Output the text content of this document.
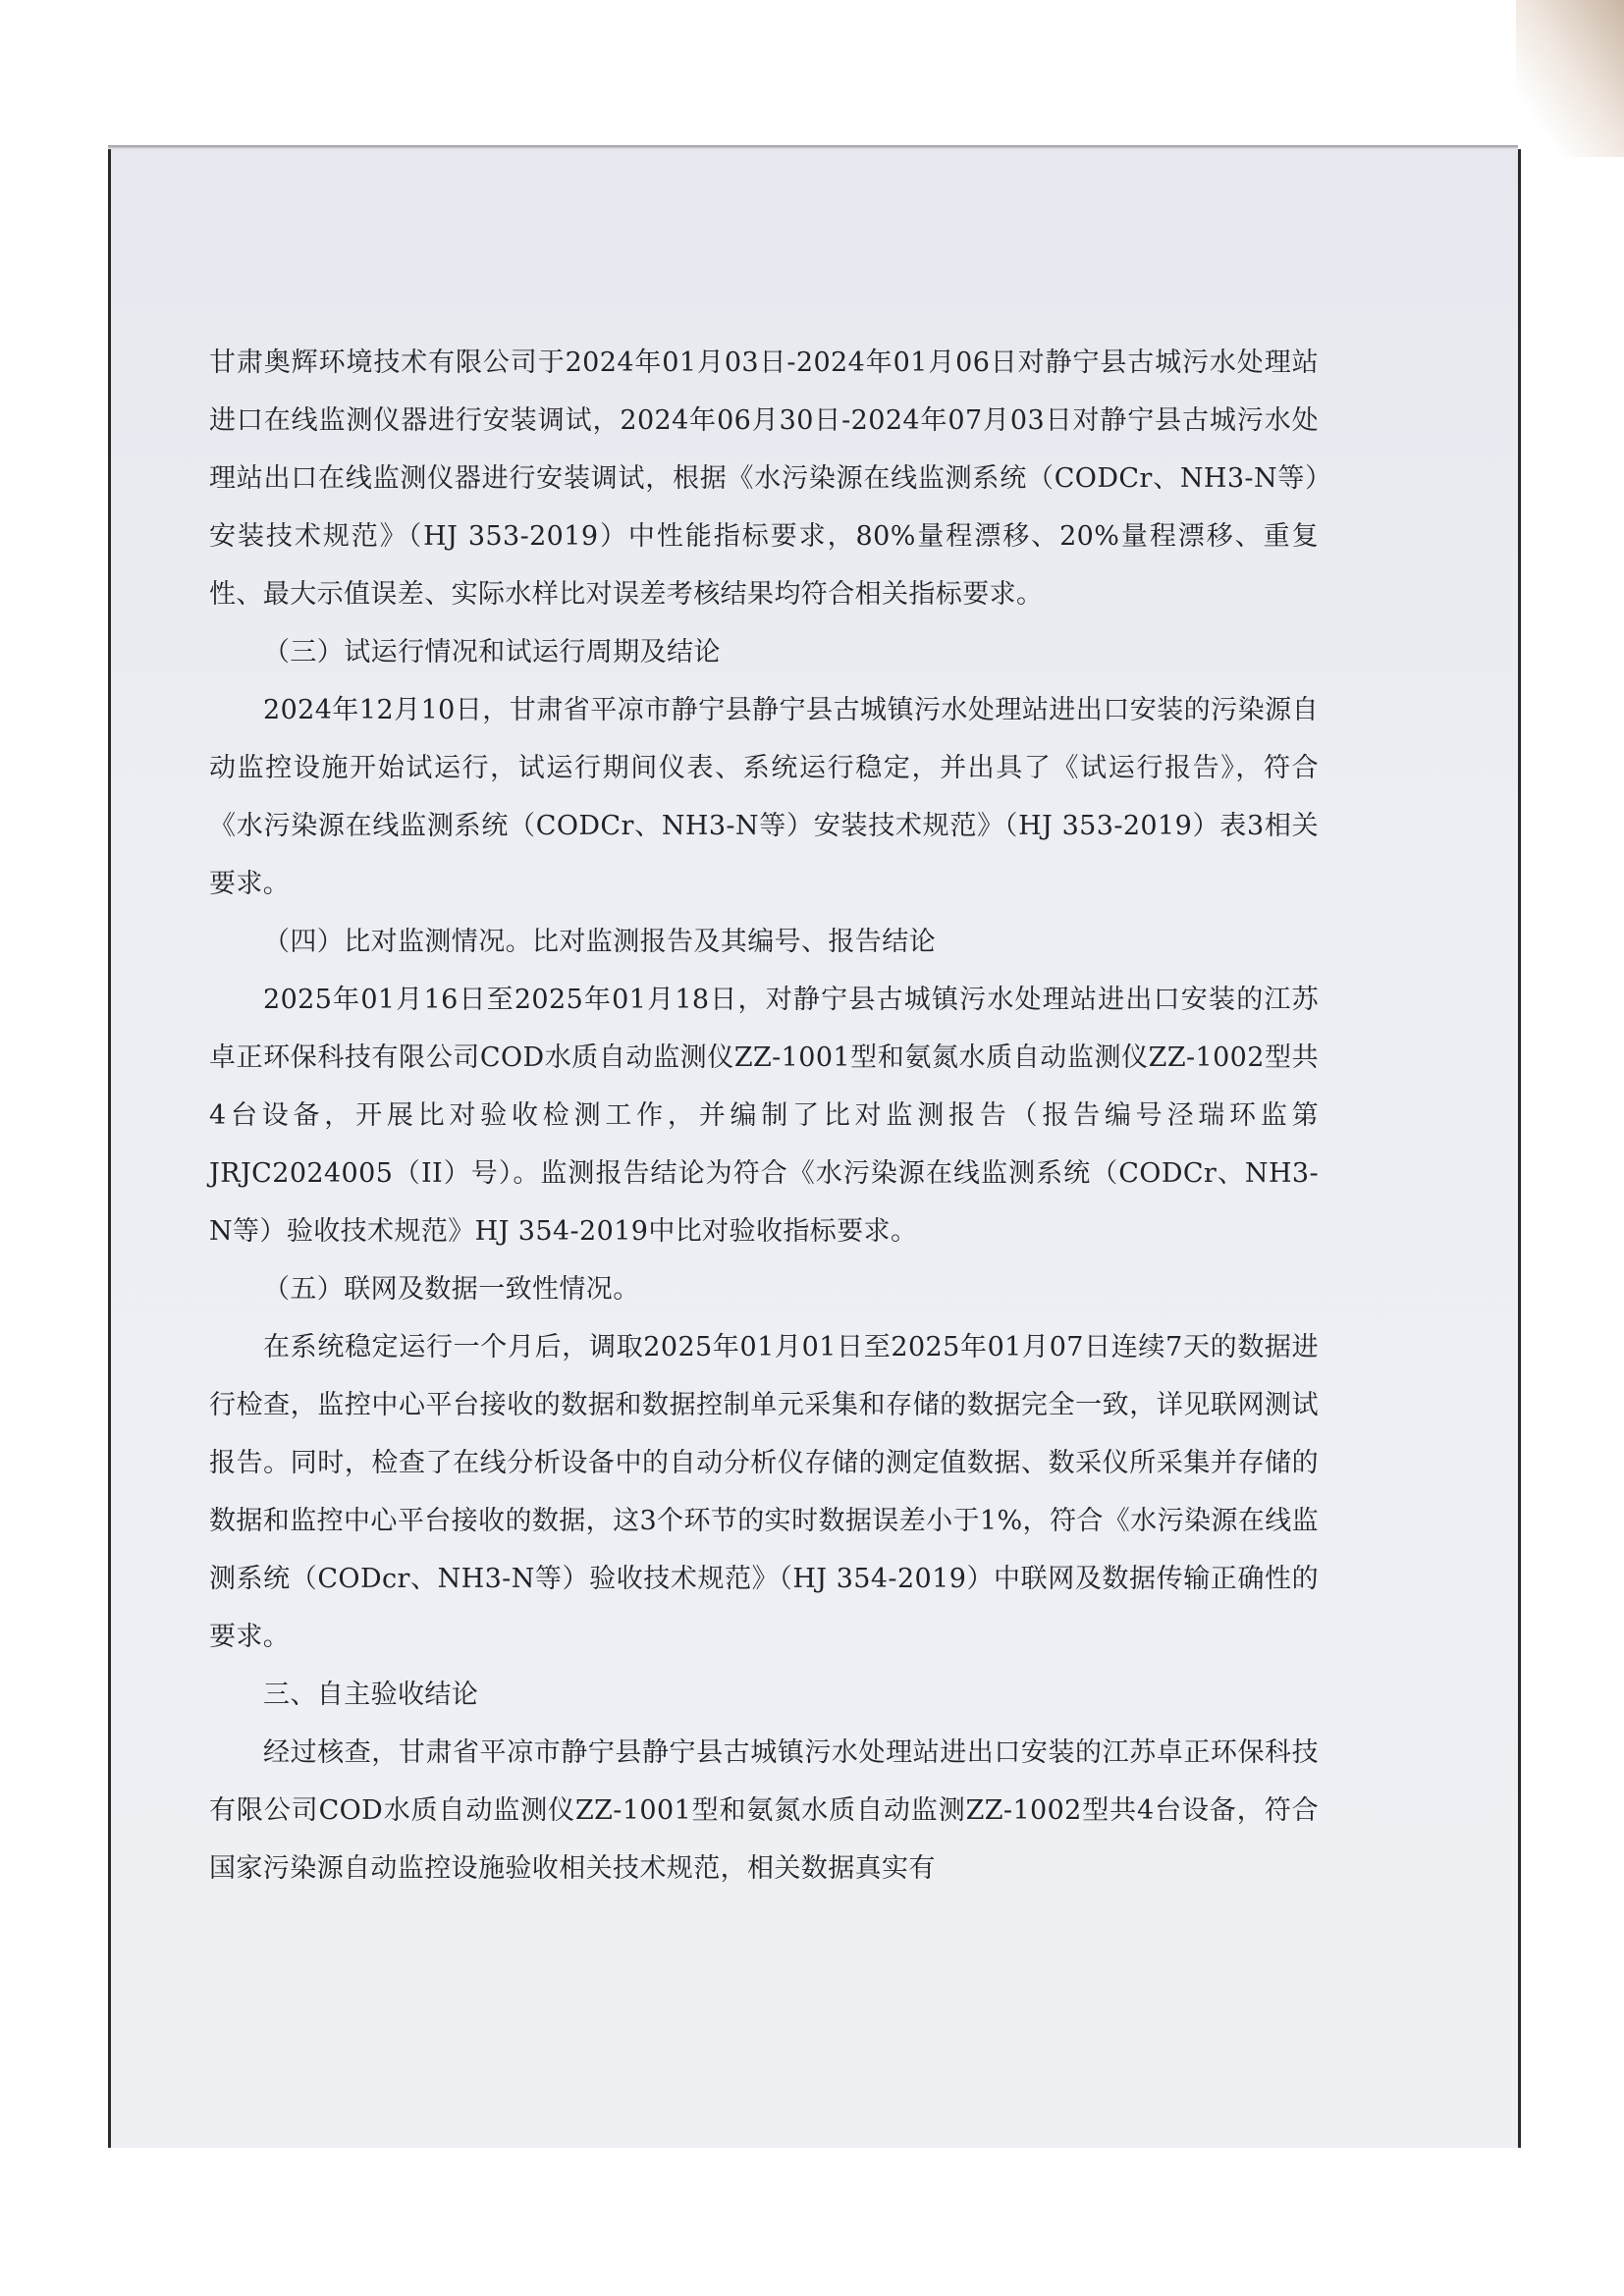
甘肃奥辉环境技术有限公司于2024年01月03日-2024年01月06日对静宁县古城污水处理站进口在线监测仪器进行安装调试，2024年06月30日-2024年07月03日对静宁县古城污水处理站出口在线监测仪器进行安装调试，根据《水污染源在线监测系统（CODCr、NH3-N等）安装技术规范》（HJ 353-2019）中性能指标要求，80%量程漂移、20%量程漂移、重复性、最大示值误差、实际水样比对误差考核结果均符合相关指标要求。

（三）试运行情况和试运行周期及结论

2024年12月10日，甘肃省平凉市静宁县静宁县古城镇污水处理站进出口安装的污染源自动监控设施开始试运行，试运行期间仪表、系统运行稳定，并出具了《试运行报告》，符合《水污染源在线监测系统（CODCr、NH3-N等）安装技术规范》（HJ 353-2019）表3相关要求。

（四）比对监测情况。比对监测报告及其编号、报告结论

2025年01月16日至2025年01月18日，对静宁县古城镇污水处理站进出口安装的江苏卓正环保科技有限公司COD水质自动监测仪ZZ-1001型和氨氮水质自动监测仪ZZ-1002型共4台设备，开展比对验收检测工作，并编制了比对监测报告（报告编号泾瑞环监第JRJC2024005（II）号）。监测报告结论为符合《水污染源在线监测系统（CODCr、NH3-N等）验收技术规范》HJ 354-2019中比对验收指标要求。

（五）联网及数据一致性情况。

在系统稳定运行一个月后，调取2025年01月01日至2025年01月07日连续7天的数据进行检查，监控中心平台接收的数据和数据控制单元采集和存储的数据完全一致，详见联网测试报告。同时，检查了在线分析设备中的自动分析仪存储的测定值数据、数采仪所采集并存储的数据和监控中心平台接收的数据，这3个环节的实时数据误差小于1%，符合《水污染源在线监测系统（CODcr、NH3-N等）验收技术规范》（HJ 354-2019）中联网及数据传输正确性的要求。

三、自主验收结论

经过核查，甘肃省平凉市静宁县静宁县古城镇污水处理站进出口安装的江苏卓正环保科技有限公司COD水质自动监测仪ZZ-1001型和氨氮水质自动监测ZZ-1002型共4台设备，符合国家污染源自动监控设施验收相关技术规范，相关数据真实有
